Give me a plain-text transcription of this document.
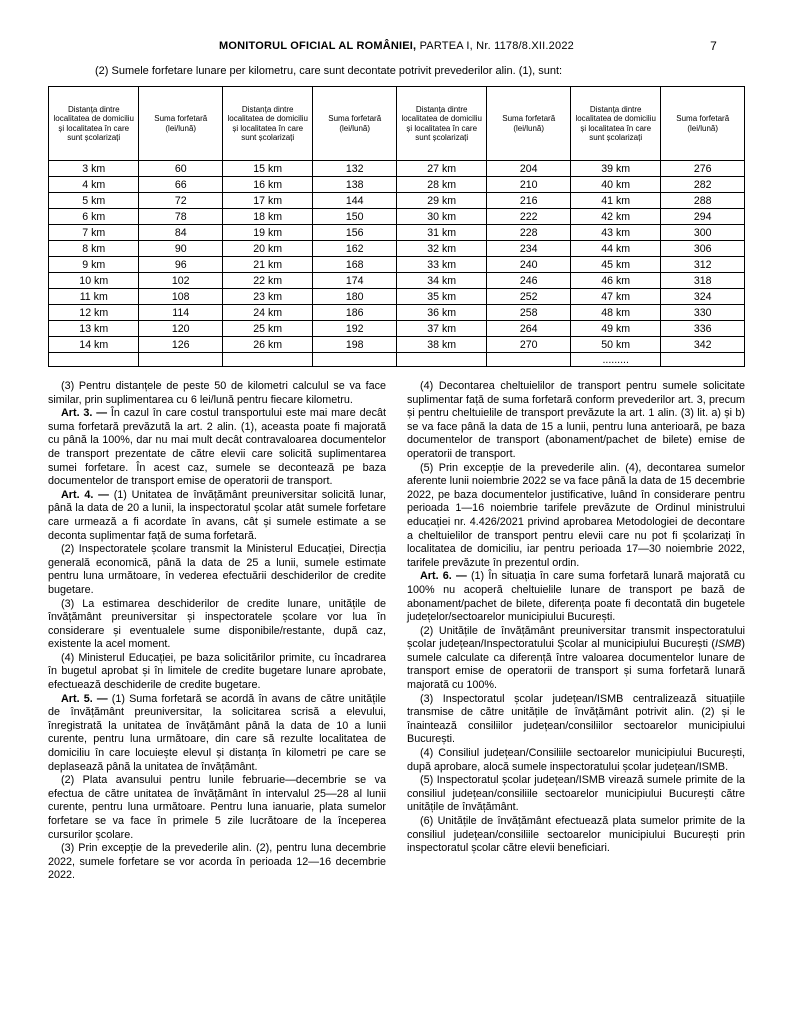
MONITORUL OFICIAL AL ROMÂNIEI, PARTEA I, Nr. 1178/8.XII.2022	7

(2) Sumele forfetare lunare per kilometru, care sunt decontate potrivit prevederilor alin. (1), sunt:

Distanța dintre localitatea de domiciliu și localitatea în care sunt școlarizați	Suma forfetară (lei/lună)	Distanța dintre localitatea de domiciliu și localitatea în care sunt școlarizați	Suma forfetară (lei/lună)	Distanța dintre localitatea de domiciliu și localitatea în care sunt școlarizați	Suma forfetară (lei/lună)	Distanța dintre localitatea de domiciliu și localitatea în care sunt școlarizați	Suma forfetară (lei/lună)
3 km	60	15 km	132	27 km	204	39 km	276
4 km	66	16 km	138	28 km	210	40 km	282
5 km	72	17 km	144	29 km	216	41 km	288
6 km	78	18 km	150	30 km	222	42 km	294
7 km	84	19 km	156	31 km	228	43 km	300
8 km	90	20 km	162	32 km	234	44 km	306
9 km	96	21 km	168	33 km	240	45 km	312
10 km	102	22 km	174	34 km	246	46 km	318
11 km	108	23 km	180	35 km	252	47 km	324
12 km	114	24 km	186	36 km	258	48 km	330
13 km	120	25 km	192	37 km	264	49 km	336
14 km	126	26 km	198	38 km	270	50 km	342
						.........	

(3) Pentru distanțele de peste 50 de kilometri calculul se va face similar, prin suplimentarea cu 6 lei/lună pentru fiecare kilometru.

Art. 3. — În cazul în care costul transportului este mai mare decât suma forfetară prevăzută la art. 2 alin. (1), aceasta poate fi majorată cu până la 100%, dar nu mai mult decât contravaloarea documentelor de transport prezentate de către elevii care solicită suplimentarea sumei forfetare. În acest caz, sumele se decontează pe baza documentelor de transport emise de operatorii de transport.

Art. 4. — (1) Unitatea de învățământ preuniversitar solicită lunar, până la data de 20 a lunii, la inspectoratul școlar atât sumele forfetare care urmează a fi acordate în avans, cât și sumele estimate a se deconta suplimentar față de suma forfetară.

(2) Inspectoratele școlare transmit la Ministerul Educației, Direcția generală economică, până la data de 25 a lunii, sumele estimate pentru luna următoare, în vederea efectuării deschiderilor de credite bugetare.

(3) La estimarea deschiderilor de credite lunare, unitățile de învățământ preuniversitar și inspectoratele școlare vor lua în considerare și eventualele sume disponibile/restante, după caz, existente la acel moment.

(4) Ministerul Educației, pe baza solicitărilor primite, cu încadrarea în bugetul aprobat și în limitele de credite bugetare lunare aprobate, efectuează deschiderile de credite bugetare.

Art. 5. — (1) Suma forfetară se acordă în avans de către unitățile de învățământ preuniversitar, la solicitarea scrisă a elevului, înregistrată la unitatea de învățământ până la data de 10 a lunii curente, pentru luna următoare, din care să rezulte localitatea de domiciliu în care locuiește elevul și distanța în kilometri pe care se deplasează până la unitatea de învățământ.

(2) Plata avansului pentru lunile februarie—decembrie se va efectua de către unitatea de învățământ în intervalul 25—28 al lunii curente, pentru luna următoare. Pentru luna ianuarie, plata sumelor forfetare se va face în primele 5 zile lucrătoare de la începerea cursurilor școlare.

(3) Prin excepție de la prevederile alin. (2), pentru luna decembrie 2022, sumele forfetare se vor acorda în perioada 12—16 decembrie 2022.

(4) Decontarea cheltuielilor de transport pentru sumele solicitate suplimentar față de suma forfetară conform prevederilor art. 3, precum și pentru cheltuielile de transport prevăzute la art. 1 alin. (3) lit. a) și b) se va face până la data de 15 a lunii, pentru luna anterioară, pe baza documentelor de transport (abonament/pachet de bilete) emise de operatorii de transport.

(5) Prin excepție de la prevederile alin. (4), decontarea sumelor aferente lunii noiembrie 2022 se va face până la data de 15 decembrie 2022, pe baza documentelor justificative, luând în considerare pentru perioada 1—16 noiembrie tarifele prevăzute de Ordinul ministrului educației nr. 4.426/2021 privind aprobarea Metodologiei de decontare a cheltuielilor de transport pentru elevii care nu pot fi școlarizați în localitatea de domiciliu, iar pentru perioada 17—30 noiembrie 2022, tarifele prevăzute în prezentul ordin.

Art. 6. — (1) În situația în care suma forfetară lunară majorată cu 100% nu acoperă cheltuielile lunare de transport pe bază de abonament/pachet de bilete, diferența poate fi decontată din bugetele județelor/sectoarelor municipiului București.

(2) Unitățile de învățământ preuniversitar transmit inspectoratului școlar județean/Inspectoratului Școlar al municipiului București (ISMB) sumele calculate ca diferență între valoarea documentelor lunare de transport emise de operatorii de transport și suma forfetară lunară majorată cu 100%.

(3) Inspectoratul școlar județean/ISMB centralizează situațiile transmise de către unitățile de învățământ potrivit alin. (2) și le înaintează consiliilor județean/consiliilor sectoarelor municipiului București.

(4) Consiliul județean/Consiliile sectoarelor municipiului București, după aprobare, alocă sumele inspectoratului școlar județean/ISMB.

(5) Inspectoratul școlar județean/ISMB virează sumele primite de la consiliul județean/consiliile sectoarelor municipiului București către unitățile de învățământ.

(6) Unitățile de învățământ efectuează plata sumelor primite de la consiliul județean/consiliile sectoarelor municipiului București prin inspectoratul școlar către elevii beneficiari.
